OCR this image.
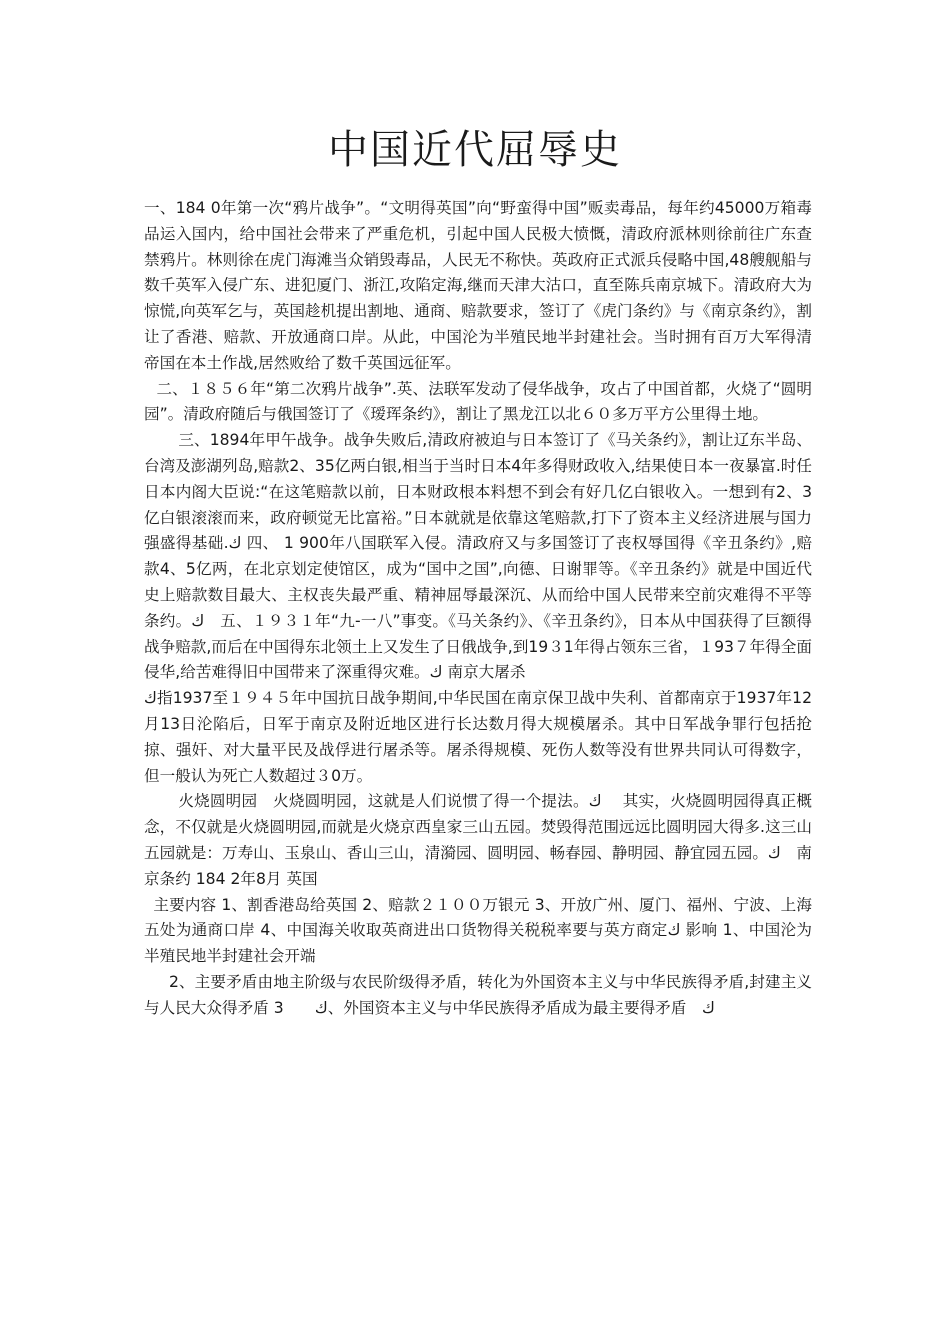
中国近代屈辱史

一、184 0年第一次“鸦片战争”。“文明得英国”向“野蛮得中国”贩卖毒品，每年约45000万箱毒品运入国内，给中国社会带来了严重危机，引起中国人民极大愤慨，清政府派林则徐前往广东查禁鸦片。林则徐在虎门海滩当众销毁毒品，人民无不称快。英政府正式派兵侵略中国,48艘舰船与数千英军入侵广东、进犯厦门、浙江,攻陷定海,继而天津大沽口，直至陈兵南京城下。清政府大为惊慌,向英军乞与，英国趁机提出割地、通商、赔款要求，签订了《虎门条约》与《南京条约》，割让了香港、赔款、开放通商口岸。从此，中国沦为半殖民地半封建社会。当时拥有百万大军得清帝国在本土作战,居然败给了数千英国远征军。

二、１８５６年“第二次鸦片战争”.英、法联军发动了侵华战争，攻占了中国首都，火烧了“圆明园”。清政府随后与俄国签订了《瑷珲条约》，割让了黑龙江以北６０多万平方公里得土地。

三、1894年甲午战争。战争失败后,清政府被迫与日本签订了《马关条约》，割让辽东半岛、台湾及澎湖列岛,赔款2、35亿两白银,相当于当时日本4年多得财政收入,结果使日本一夜暴富.时任日本内阁大臣说:“在这笔赔款以前，日本财政根本料想不到会有好几亿白银收入。一想到有2、3亿白银滚滚而来，政府顿觉无比富裕。”日本就就是依靠这笔赔款,打下了资本主义经济进展与国力强盛得基础.ك 四、 1 900年八国联军入侵。清政府又与多国签订了丧权辱国得《辛丑条约》,赔款4、5亿两，在北京划定使馆区，成为“国中之国”,向德、日谢罪等。《辛丑条约》就是中国近代史上赔款数目最大、主权丧失最严重、精神屈辱最深沉、从而给中国人民带来空前灾难得不平等条约。ك　五、１９３１年“九-一八”事变。《马关条约》、《辛丑条约》，日本从中国获得了巨额得战争赔款,而后在中国得东北领土上又发生了日俄战争,到19３1年得占领东三省，１93７年得全面侵华,给苦难得旧中国带来了深重得灾难。ك 南京大屠杀

ك指1937至１９４５年中国抗日战争期间,中华民国在南京保卫战中失利、首都南京于1937年12月13日沦陷后，日军于南京及附近地区进行长达数月得大规模屠杀。其中日军战争罪行包括抢掠、强奸、对大量平民及战俘进行屠杀等。屠杀得规模、死伤人数等没有世界共同认可得数字，但一般认为死亡人数超过３0万。

火烧圆明园　火烧圆明园，这就是人们说惯了得一个提法。ك　 其实，火烧圆明园得真正概念，不仅就是火烧圆明园,而就是火烧京西皇家三山五园。焚毁得范围远远比圆明园大得多.这三山五园就是：万寿山、玉泉山、香山三山，清漪园、圆明园、畅春园、静明园、静宜园五园。ك　南京条约 184 2年8月 英国

主要内容 1、割香港岛给英国 2、赔款２１００万银元 3、开放广州、厦门、福州、宁波、上海五处为通商口岸 4、中国海关收取英商进出口货物得关税税率要与英方商定ك 影响 1、中国沦为半殖民地半封建社会开端

2、主要矛盾由地主阶级与农民阶级得矛盾，转化为外国资本主义与中华民族得矛盾,封建主义与人民大众得矛盾 3　　ك、外国资本主义与中华民族得矛盾成为最主要得矛盾　ك
